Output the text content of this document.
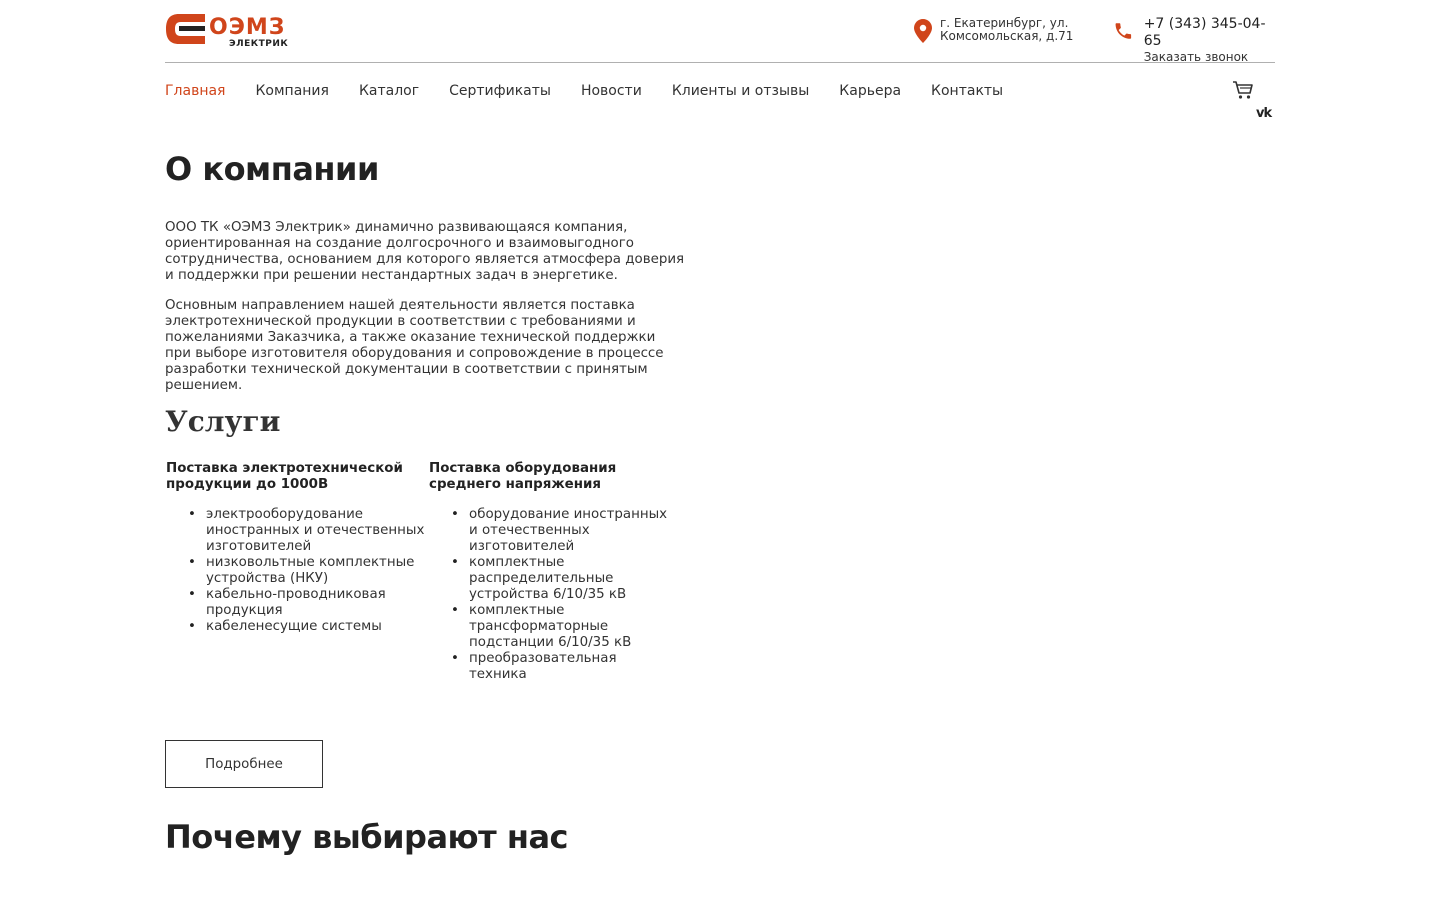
ОЭМЗ
ЭЛЕКТРИК
г. Екатеринбург, ул.
Комсомольская, д.71
+7 (343) 345-04-65
Заказать звонок
Главная Компания Каталог Сертификаты Новости Клиенты и отзывы Карьера Контакты
vk
О компании

ООО ТК «ОЭМЗ Электрик» динамично развивающаяся компания, ориентированная на создание долгосрочного и взаимовыгодного сотрудничества, основанием для которого является атмосфера доверия и поддержки при решении нестандартных задач в энергетике.

Основным направлением нашей деятельности является поставка электротехнической продукции в соответствии с требованиями и пожеланиями Заказчика, а также оказание технической поддержки при выборе изготовителя оборудования и сопровождение в процессе разработки технической документации в соответствии с принятым решением.

Услуги
Поставка электротехнической продукции до 1000В
• электрооборудование иностранных и отечественных изготовителей
• низковольтные комплектные устройства (НКУ)
• кабельно-проводниковая продукция
• кабеленесущие системы
Поставка оборудования среднего напряжения
• оборудование иностранных и отечественных изготовителей
• комплектные распределительные устройства 6/10/35 кВ
• комплектные трансформаторные подстанции 6/10/35 кВ
• преобразовательная техника
Подробнее
Почему выбирают нас
